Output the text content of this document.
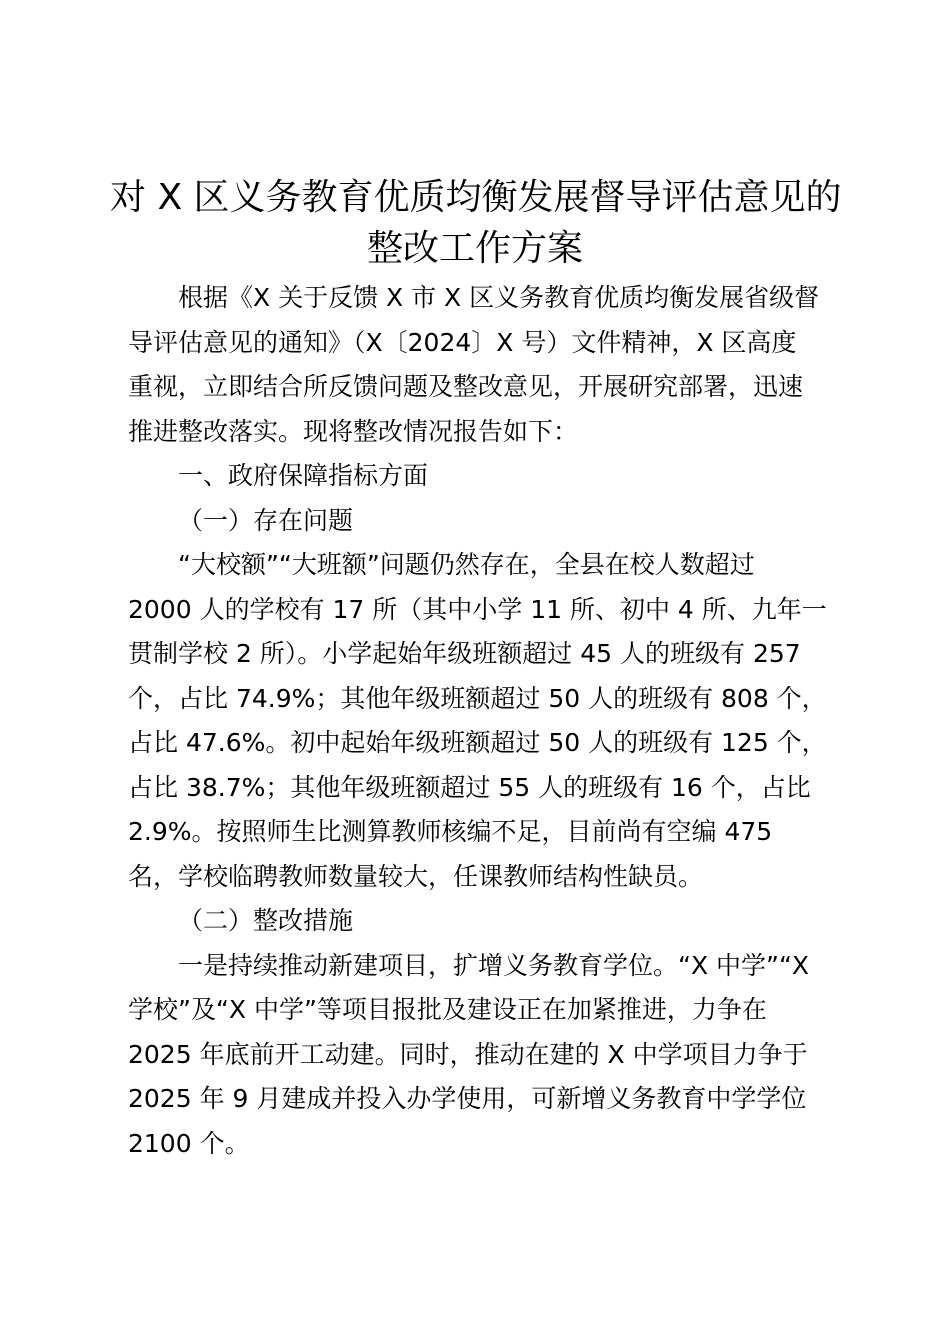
对 X 区义务教育优质均衡发展督导评估意见的
整改工作方案
根据《X 关于反馈 X 市 X 区义务教育优质均衡发展省级督
导评估意见的通知》（X〔2024〕X 号）文件精神，X 区高度
重视，立即结合所反馈问题及整改意见，开展研究部署，迅速
推进整改落实。现将整改情况报告如下：
一、政府保障指标方面
（一）存在问题
“大校额”“大班额”问题仍然存在，全县在校人数超过
2000 人的学校有 17 所（其中小学 11 所、初中 4 所、九年一
贯制学校 2 所）。小学起始年级班额超过 45 人的班级有 257
个，占比 74.9%；其他年级班额超过 50 人的班级有 808 个，
占比 47.6%。初中起始年级班额超过 50 人的班级有 125 个，
占比 38.7%；其他年级班额超过 55 人的班级有 16 个，占比
2.9%。按照师生比测算教师核编不足，目前尚有空编 475
名，学校临聘教师数量较大，任课教师结构性缺员。
（二）整改措施
一是持续推动新建项目，扩增义务教育学位。“X 中学”“X
学校”及“X 中学”等项目报批及建设正在加紧推进，力争在
2025 年底前开工动建。同时，推动在建的 X 中学项目力争于
2025 年 9 月建成并投入办学使用，可新增义务教育中学学位
2100 个。
